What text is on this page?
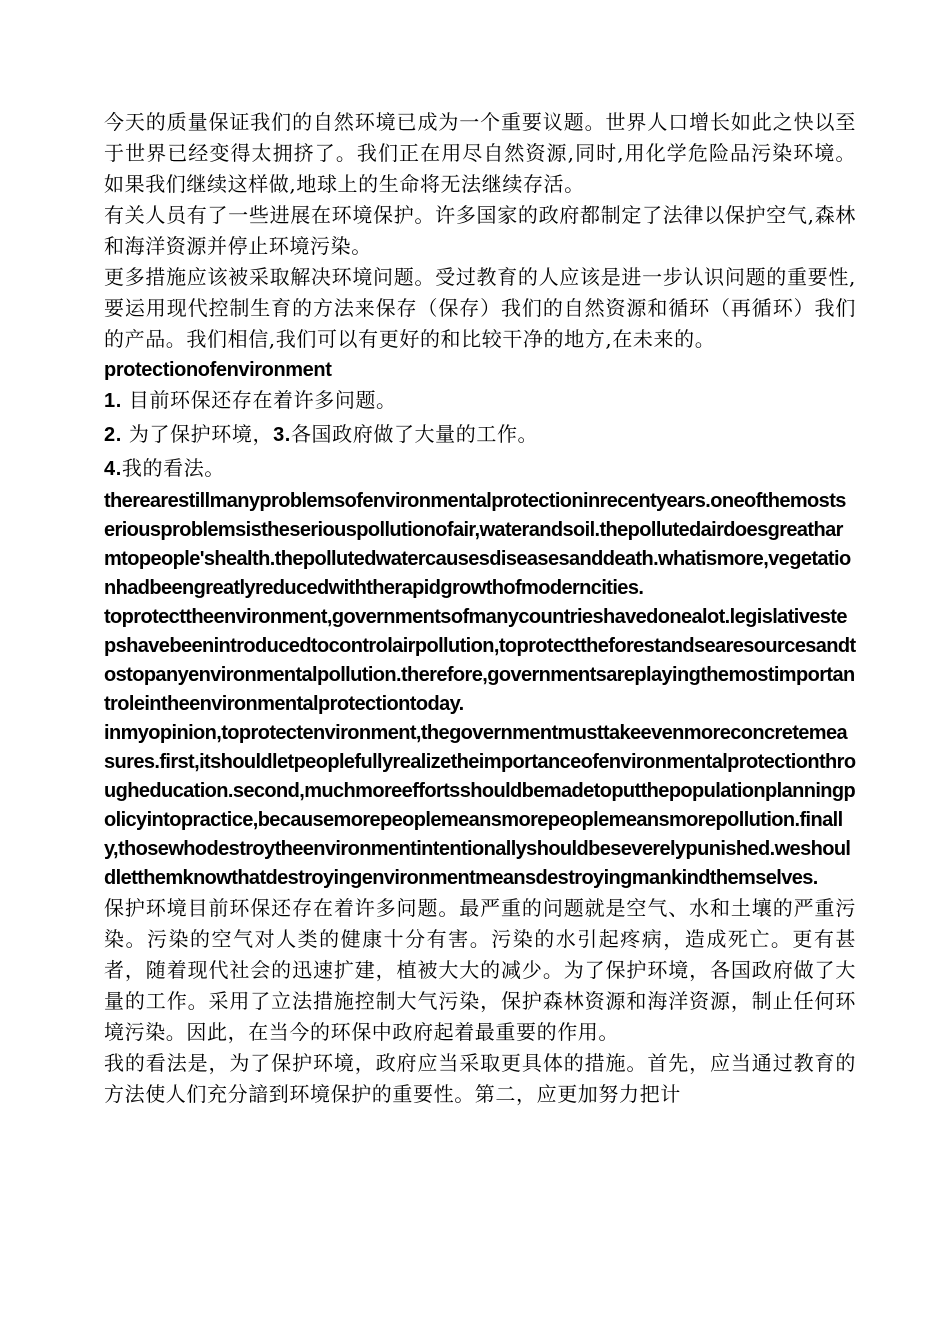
今天的质量保证我们的自然环境已成为一个重要议题。世界人口增长如此之快以至于世界已经变得太拥挤了。我们正在用尽自然资源,同时,用化学危险品污染环境。如果我们继续这样做,地球上的生命将无法继续存活。

有关人员有了一些进展在环境保护。许多国家的政府都制定了法律以保护空气,森林和海洋资源并停止环境污染。

更多措施应该被采取解决环境问题。受过教育的人应该是进一步认识问题的重要性,要运用现代控制生育的方法来保存（保存）我们的自然资源和循环（再循环）我们的产品。我们相信,我们可以有更好的和比较干净的地方,在未来的。

protectionofenvironment

1. 目前环保还存在着许多问题。

2. 为了保护环境，3.各国政府做了大量的工作。

4.我的看法。

therearestillmanyproblemsofenvironmentalprotectioninrecentyears.oneofthemostseriousproblemsistheseriouspollutionofair,waterandsoil.thepollutedairdoesgreatharmtopeople'shealth.thepollutedwatercausesdiseasesanddeath.whatismore,vegetationhadbeengreatlyreducedwiththerapidgrowthofmoderncities.

toprotecttheenvironment,governmentsofmanycountrieshavedonealot.legislativestepshavebeenintroducedtocontrolairpollution,toprotecttheforestandsearesourcesandtostopanyenvironmentalpollution.therefore,governmentsareplayingthemostimportantroleintheenvironmentalprotectiontoday.

inmyopinion,toprotectenvironment,thegovernmentmusttakeevenmoreconcretemeasures.first,itshouldletpeoplefullyrealizetheimportanceofenvironmentalprotectionthrougheducation.second,muchmoreeffortsshouldbemadetoputthepopulationplanningpolicyintopractice,becausemorepeoplemeansmorepeoplemeansmorepollution.finally,thosewhodestroytheenvironmentintentionallyshouldbeseverelypunished.weshouldletthemknowthatdestroyingenvironmentmeansdestroyingmankindthemselves.

保护环境目前环保还存在着许多问题。最严重的问题就是空气、水和土壤的严重污染。污染的空气对人类的健康十分有害。污染的水引起疼病，造成死亡。更有甚者，随着现代社会的迅速扩建，植被大大的减少。为了保护环境，各国政府做了大量的工作。采用了立法措施控制大气污染，保护森林资源和海洋资源，制止任何环境污染。因此，在当今的环保中政府起着最重要的作用。

我的看法是，为了保护环境，政府应当采取更具体的措施。首先，应当通过教育的方法使人们充分諳到环境保护的重要性。第二，应更加努力把计
